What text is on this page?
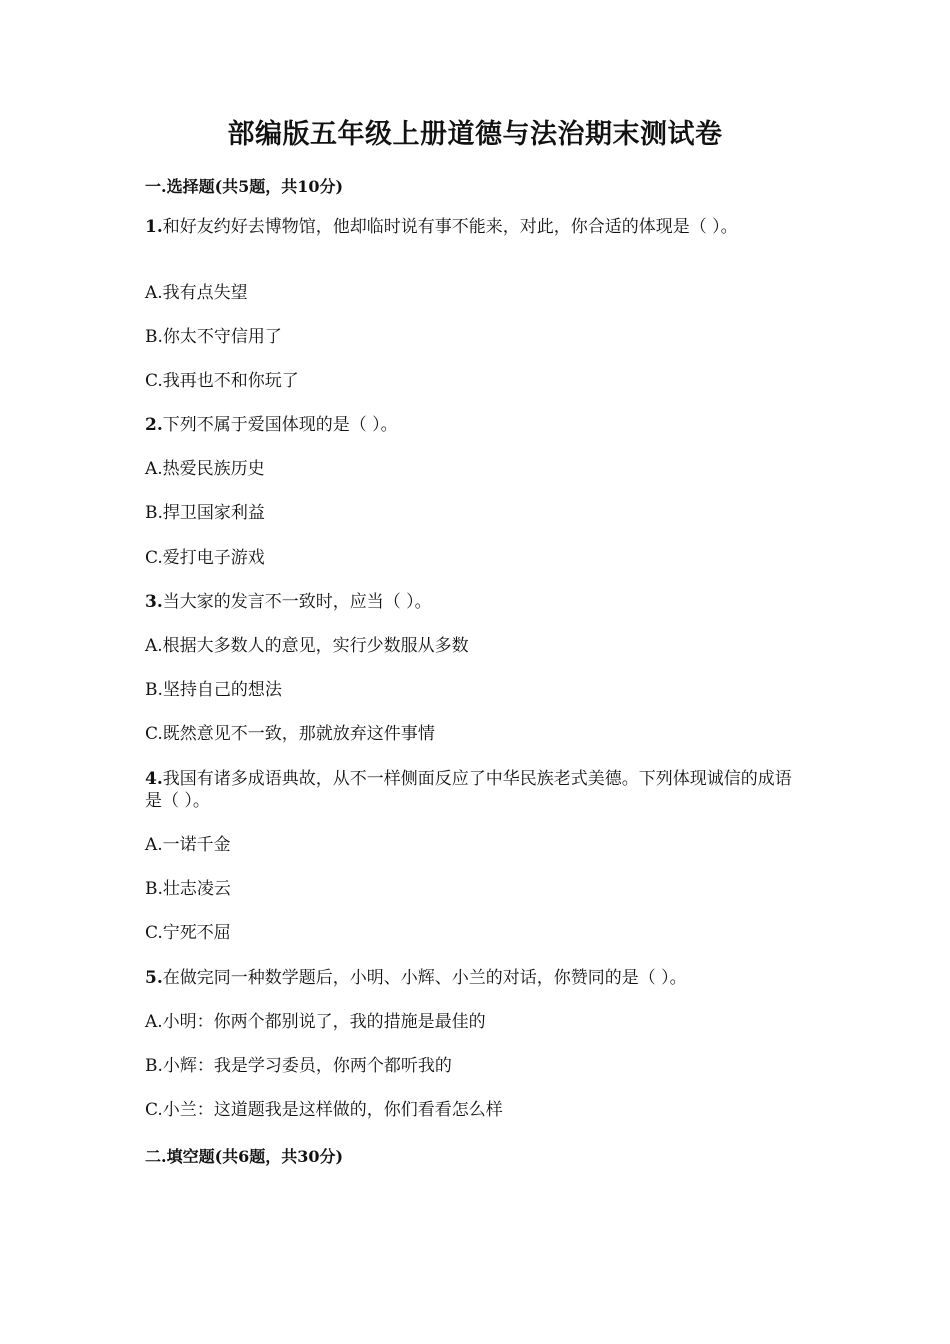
部编版五年级上册道德与法治期末测试卷
一.选择题(共5题，共10分)
1.和好友约好去博物馆，他却临时说有事不能来，对此，你合适的体现是（ ）。
A.我有点失望
B.你太不守信用了
C.我再也不和你玩了
2.下列不属于爱国体现的是（ ）。
A.热爱民族历史
B.捍卫国家利益
C.爱打电子游戏
3.当大家的发言不一致时，应当（ ）。
A.根据大多数人的意见，实行少数服从多数
B.坚持自己的想法
C.既然意见不一致，那就放弃这件事情
4.我国有诸多成语典故，从不一样侧面反应了中华民族老式美德。下列体现诚信的成语是（ ）。
A.一诺千金
B.壮志凌云
C.宁死不屈
5.在做完同一种数学题后，小明、小辉、小兰的对话，你赞同的是（ ）。
A.小明：你两个都别说了，我的措施是最佳的
B.小辉：我是学习委员，你两个都听我的
C.小兰：这道题我是这样做的，你们看看怎么样
二.填空题(共6题，共30分)
